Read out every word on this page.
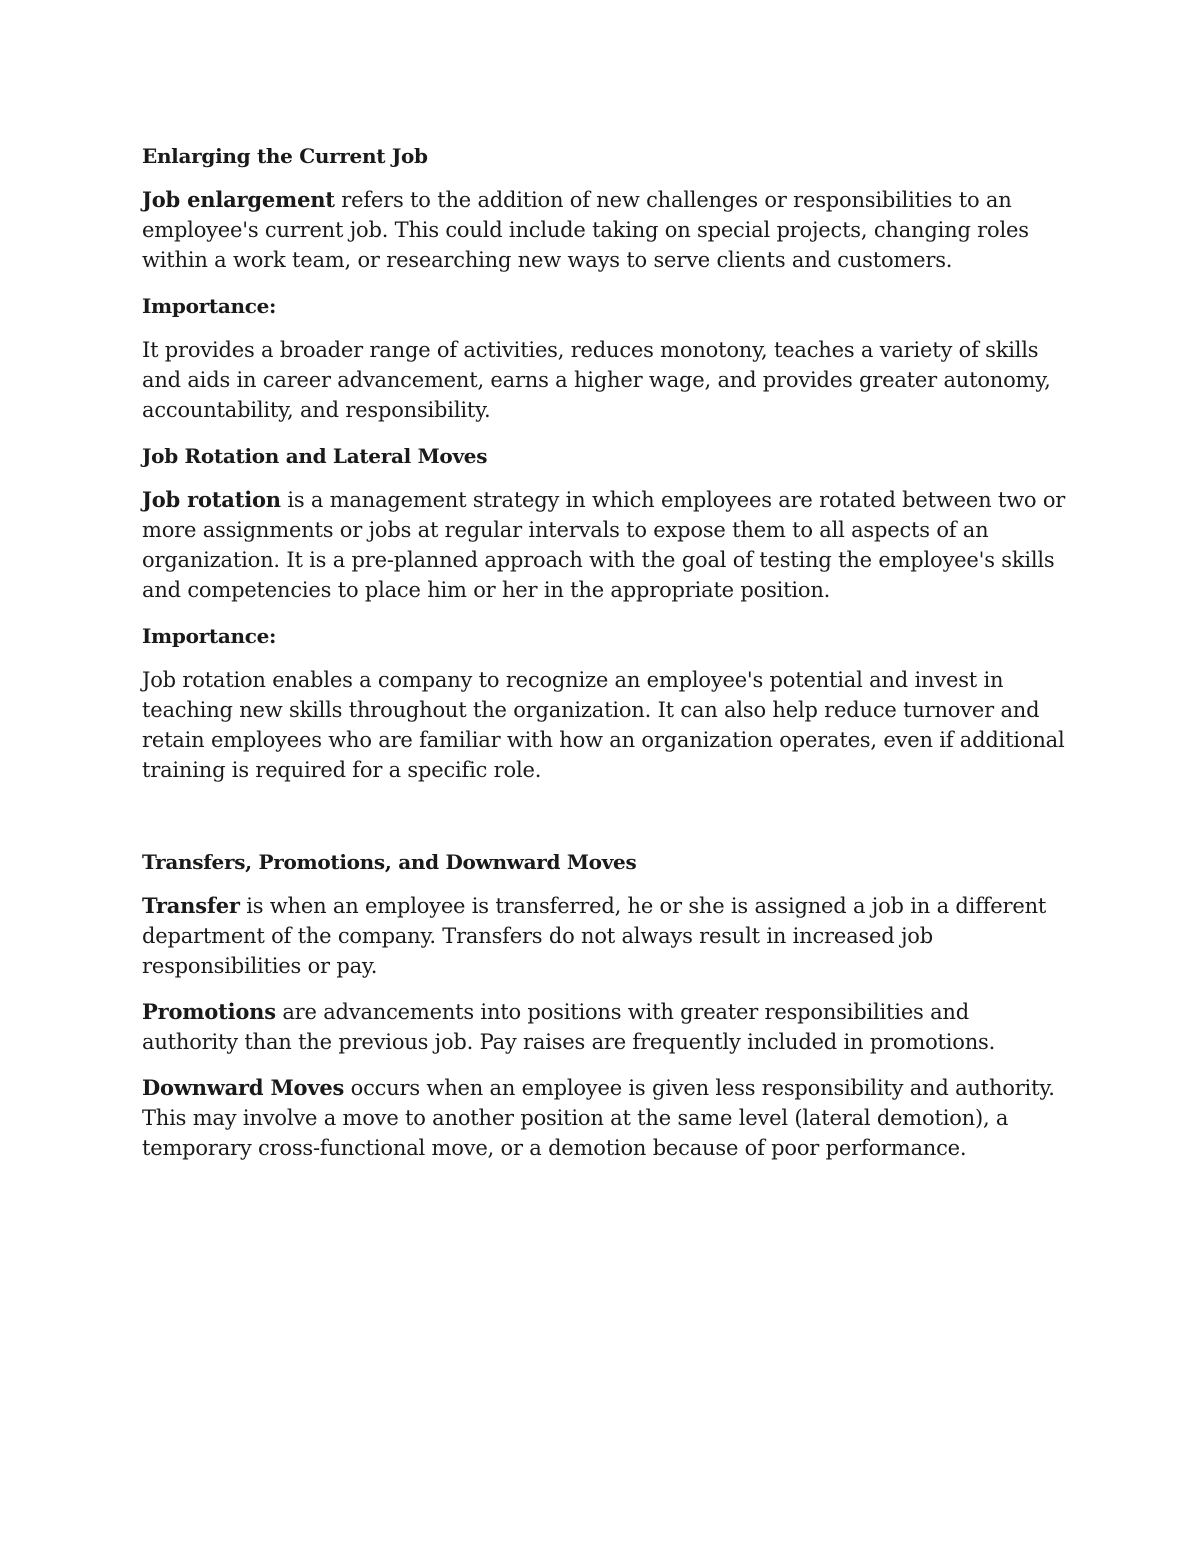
Enlarging the Current Job

Job enlargement refers to the addition of new challenges or responsibilities to an employee's current job. This could include taking on special projects, changing roles within a work team, or researching new ways to serve clients and customers.

Importance:

It provides a broader range of activities, reduces monotony, teaches a variety of skills and aids in career advancement, earns a higher wage, and provides greater autonomy, accountability, and responsibility.

Job Rotation and Lateral Moves

Job rotation is a management strategy in which employees are rotated between two or more assignments or jobs at regular intervals to expose them to all aspects of an organization. It is a pre-planned approach with the goal of testing the employee's skills and competencies to place him or her in the appropriate position.

Importance:

Job rotation enables a company to recognize an employee's potential and invest in teaching new skills throughout the organization. It can also help reduce turnover and retain employees who are familiar with how an organization operates, even if additional training is required for a specific role.

Transfers, Promotions, and Downward Moves

Transfer is when an employee is transferred, he or she is assigned a job in a different department of the company. Transfers do not always result in increased job responsibilities or pay.

Promotions are advancements into positions with greater responsibilities and authority than the previous job. Pay raises are frequently included in promotions.

Downward Moves occurs when an employee is given less responsibility and authority. This may involve a move to another position at the same level (lateral demotion), a temporary cross-functional move, or a demotion because of poor performance.
